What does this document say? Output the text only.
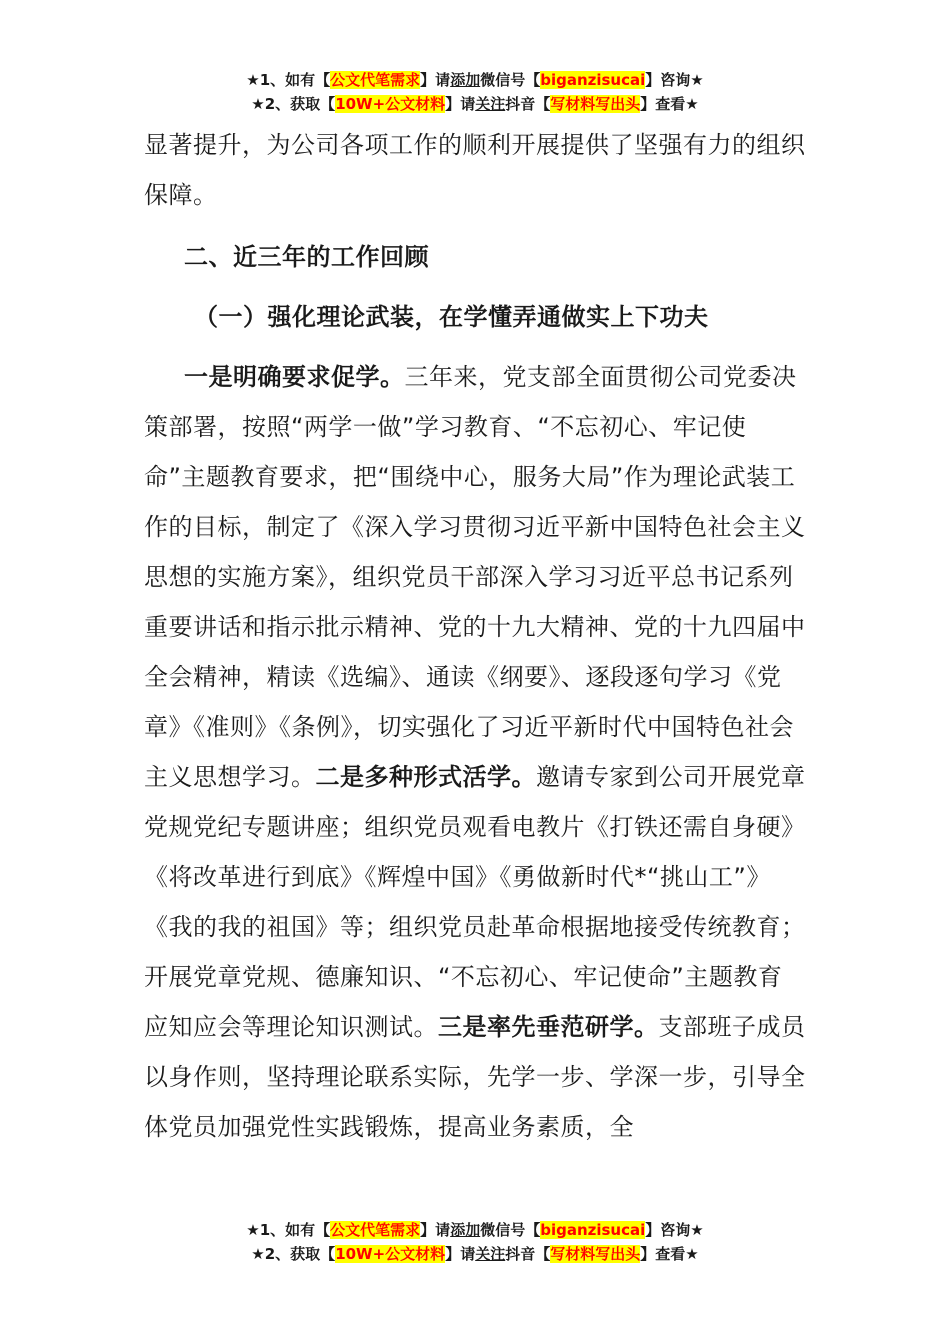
★1、如有【公文代笔需求】请添加微信号【biganzisucai】咨询★
★2、获取【10W+公文材料】请关注抖音【写材料写出头】查看★

显著提升，为公司各项工作的顺利开展提供了坚强有力的组织保障。

二、近三年的工作回顾

（一）强化理论武装，在学懂弄通做实上下功夫

一是明确要求促学。三年来，党支部全面贯彻公司党委决策部署，按照“两学一做”学习教育、“不忘初心、牢记使命”主题教育要求，把“围绕中心，服务大局”作为理论武装工作的目标，制定了《深入学习贯彻习近平新中国特色社会主义思想的实施方案》，组织党员干部深入学习习近平总书记系列重要讲话和指示批示精神、党的十九大精神、党的十九四届中全会精神，精读《选编》、通读《纲要》、逐段逐句学习《党章》《准则》《条例》，切实强化了习近平新时代中国特色社会主义思想学习。二是多种形式活学。邀请专家到公司开展党章党规党纪专题讲座；组织党员观看电教片《打铁还需自身硬》《将改革进行到底》《辉煌中国》《勇做新时代*“挑山工”》《我的我的祖国》等；组织党员赴革命根据地接受传统教育；开展党章党规、德廉知识、“不忘初心、牢记使命”主题教育应知应会等理论知识测试。三是率先垂范研学。支部班子成员以身作则，坚持理论联系实际，先学一步、学深一步，引导全体党员加强党性实践锻炼，提高业务素质，全

★1、如有【公文代笔需求】请添加微信号【biganzisucai】咨询★
★2、获取【10W+公文材料】请关注抖音【写材料写出头】查看★
